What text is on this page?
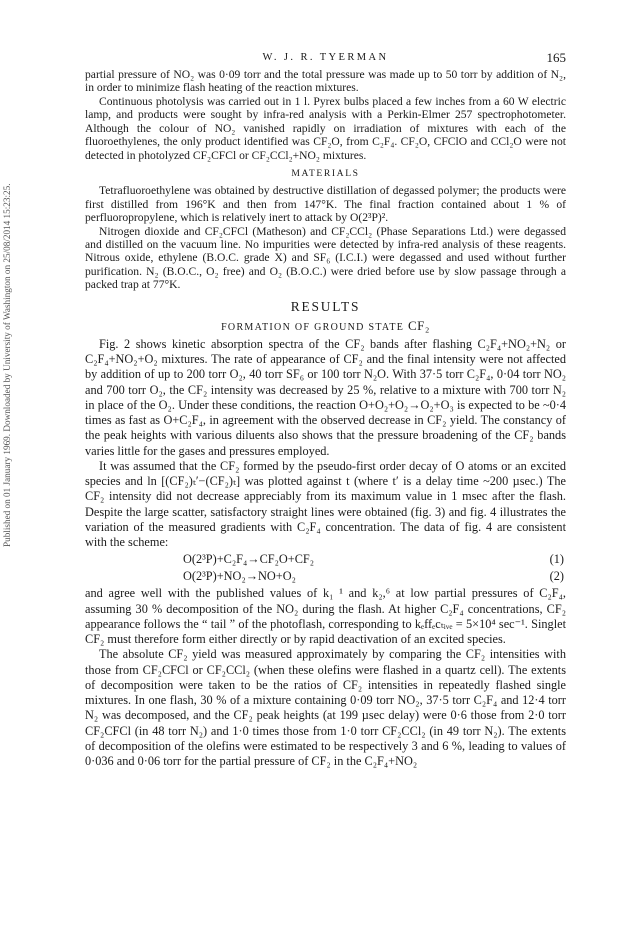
Published on 01 January 1969. Downloaded by University of Washington on 25/08/2014 15:23:25.
W. J. R. TYERMAN	165

partial pressure of NO₂ was 0·09 torr and the total pressure was made up to 50 torr by addition of N₂, in order to minimize flash heating of the reaction mixtures.

Continuous photolysis was carried out in 1 l. Pyrex bulbs placed a few inches from a 60 W electric lamp, and products were sought by infra-red analysis with a Perkin-Elmer 257 spectrophotometer. Although the colour of NO₂ vanished rapidly on irradiation of mixtures with each of the fluoroethylenes, the only product identified was CF₂O, from C₂F₄. CF₂O, CFClO and CCl₂O were not detected in photolyzed CF₂CFCl or CF₂CCl₂+NO₂ mixtures.

MATERIALS

Tetrafluoroethylene was obtained by destructive distillation of degassed polymer; the products were first distilled from 196°K and then from 147°K. The final fraction contained about 1 % of perfluoropropylene, which is relatively inert to attack by O(2³P)².

Nitrogen dioxide and CF₂CFCl (Matheson) and CF₂CCl₂ (Phase Separations Ltd.) were degassed and distilled on the vacuum line. No impurities were detected by infra-red analysis of these reagents. Nitrous oxide, ethylene (B.O.C. grade X) and SF₆ (I.C.I.) were degassed and used without further purification. N₂ (B.O.C., O₂ free) and O₂ (B.O.C.) were dried before use by slow passage through a packed trap at 77°K.

RESULTS
FORMATION OF GROUND STATE CF₂

Fig. 2 shows kinetic absorption spectra of the CF₂ bands after flashing C₂F₄+NO₂+N₂ or C₂F₄+NO₂+O₂ mixtures. The rate of appearance of CF₂ and the final intensity were not affected by addition of up to 200 torr O₂, 40 torr SF₆ or 100 torr N₂O. With 37·5 torr C₂F₄, 0·04 torr NO₂ and 700 torr O₂, the CF₂ intensity was decreased by 25 %, relative to a mixture with 700 torr N₂ in place of the O₂. Under these conditions, the reaction O+O₂+O₂→O₂+O₃ is expected to be ~0·4 times as fast as O+C₂F₄, in agreement with the observed decrease in CF₂ yield. The constancy of the peak heights with various diluents also shows that the pressure broadening of the CF₂ bands varies little for the gases and pressures employed.

It was assumed that the CF₂ formed by the pseudo-first order decay of O atoms or an excited species and ln [(CF₂)ₜ′−(CF₂)ₜ] was plotted against t (where t′ is a delay time ~200 µsec.) The CF₂ intensity did not decrease appreciably from its maximum value in 1 msec after the flash. Despite the large scatter, satisfactory straight lines were obtained (fig. 3) and fig. 4 illustrates the variation of the measured gradients with C₂F₄ concentration. The data of fig. 4 are consistent with the scheme:

O(2³P)+C₂F₄→CF₂O+CF₂	(1)
O(2³P)+NO₂→NO+O₂	(2)

and agree well with the published values of k₁ ¹ and k₂,⁶ at low partial pressures of C₂F₄, assuming 30 % decomposition of the NO₂ during the flash. At higher C₂F₄ concentrations, CF₂ appearance follows the “ tail ” of the photoflash, corresponding to kₑffₑcₜᵢᵥₑ = 5×10⁴ sec⁻¹. Singlet CF₂ must therefore form either directly or by rapid deactivation of an excited species.

The absolute CF₂ yield was measured approximately by comparing the CF₂ intensities with those from CF₂CFCl or CF₂CCl₂ (when these olefins were flashed in a quartz cell). The extents of decomposition were taken to be the ratios of CF₂ intensities in repeatedly flashed single mixtures. In one flash, 30 % of a mixture containing 0·09 torr NO₂, 37·5 torr C₂F₄ and 12·4 torr N₂ was decomposed, and the CF₂ peak heights (at 199 µsec delay) were 0·6 those from 2·0 torr CF₂CFCl (in 48 torr N₂) and 1·0 times those from 1·0 torr CF₂CCl₂ (in 49 torr N₂). The extents of decomposition of the olefins were estimated to be respectively 3 and 6 %, leading to values of 0·036 and 0·06 torr for the partial pressure of CF₂ in the C₂F₄+NO₂
